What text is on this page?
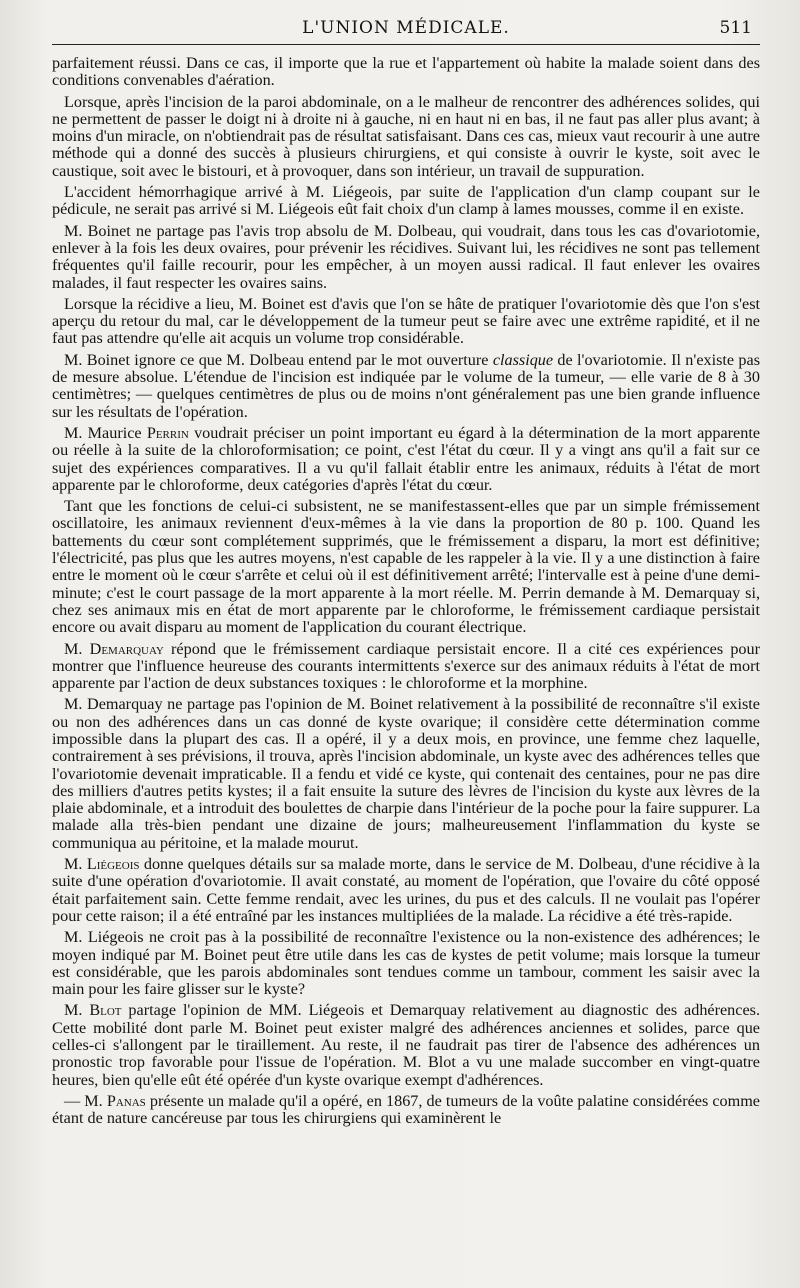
L'UNION MÉDICALE.	511

parfaitement réussi. Dans ce cas, il importe que la rue et l'appartement où habite la malade soient dans des conditions convenables d'aération.

Lorsque, après l'incision de la paroi abdominale, on a le malheur de rencontrer des adhérences solides, qui ne permettent de passer le doigt ni à droite ni à gauche, ni en haut ni en bas, il ne faut pas aller plus avant; à moins d'un miracle, on n'obtiendrait pas de résultat satisfaisant. Dans ces cas, mieux vaut recourir à une autre méthode qui a donné des succès à plusieurs chirurgiens, et qui consiste à ouvrir le kyste, soit avec le caustique, soit avec le bistouri, et à provoquer, dans son intérieur, un travail de suppuration.

L'accident hémorrhagique arrivé à M. Liégeois, par suite de l'application d'un clamp coupant sur le pédicule, ne serait pas arrivé si M. Liégeois eût fait choix d'un clamp à lames mousses, comme il en existe.

M. Boinet ne partage pas l'avis trop absolu de M. Dolbeau, qui voudrait, dans tous les cas d'ovariotomie, enlever à la fois les deux ovaires, pour prévenir les récidives. Suivant lui, les récidives ne sont pas tellement fréquentes qu'il faille recourir, pour les empêcher, à un moyen aussi radical. Il faut enlever les ovaires malades, il faut respecter les ovaires sains.

Lorsque la récidive a lieu, M. Boinet est d'avis que l'on se hâte de pratiquer l'ovariotomie dès que l'on s'est aperçu du retour du mal, car le développement de la tumeur peut se faire avec une extrême rapidité, et il ne faut pas attendre qu'elle ait acquis un volume trop considérable.

M. Boinet ignore ce que M. Dolbeau entend par le mot ouverture classique de l'ovariotomie. Il n'existe pas de mesure absolue. L'étendue de l'incision est indiquée par le volume de la tumeur, — elle varie de 8 à 30 centimètres; — quelques centimètres de plus ou de moins n'ont généralement pas une bien grande influence sur les résultats de l'opération.

M. Maurice Perrin voudrait préciser un point important eu égard à la détermination de la mort apparente ou réelle à la suite de la chloroformisation; ce point, c'est l'état du cœur. Il y a vingt ans qu'il a fait sur ce sujet des expériences comparatives. Il a vu qu'il fallait établir entre les animaux, réduits à l'état de mort apparente par le chloroforme, deux catégories d'après l'état du cœur.

Tant que les fonctions de celui-ci subsistent, ne se manifestassent-elles que par un simple frémissement oscillatoire, les animaux reviennent d'eux-mêmes à la vie dans la proportion de 80 p. 100. Quand les battements du cœur sont complétement supprimés, que le frémissement a disparu, la mort est définitive; l'électricité, pas plus que les autres moyens, n'est capable de les rappeler à la vie. Il y a une distinction à faire entre le moment où le cœur s'arrête et celui où il est définitivement arrêté; l'intervalle est à peine d'une demi-minute; c'est le court passage de la mort apparente à la mort réelle. M. Perrin demande à M. Demarquay si, chez ses animaux mis en état de mort apparente par le chloroforme, le frémissement cardiaque persistait encore ou avait disparu au moment de l'application du courant électrique.

M. Demarquay répond que le frémissement cardiaque persistait encore. Il a cité ces expériences pour montrer que l'influence heureuse des courants intermittents s'exerce sur des animaux réduits à l'état de mort apparente par l'action de deux substances toxiques : le chloroforme et la morphine.

M. Demarquay ne partage pas l'opinion de M. Boinet relativement à la possibilité de reconnaître s'il existe ou non des adhérences dans un cas donné de kyste ovarique; il considère cette détermination comme impossible dans la plupart des cas. Il a opéré, il y a deux mois, en province, une femme chez laquelle, contrairement à ses prévisions, il trouva, après l'incision abdominale, un kyste avec des adhérences telles que l'ovariotomie devenait impraticable. Il a fendu et vidé ce kyste, qui contenait des centaines, pour ne pas dire des milliers d'autres petits kystes; il a fait ensuite la suture des lèvres de l'incision du kyste aux lèvres de la plaie abdominale, et a introduit des boulettes de charpie dans l'intérieur de la poche pour la faire suppurer. La malade alla très-bien pendant une dizaine de jours; malheureusement l'inflammation du kyste se communiqua au péritoine, et la malade mourut.

M. Liégeois donne quelques détails sur sa malade morte, dans le service de M. Dolbeau, d'une récidive à la suite d'une opération d'ovariotomie. Il avait constaté, au moment de l'opération, que l'ovaire du côté opposé était parfaitement sain. Cette femme rendait, avec les urines, du pus et des calculs. Il ne voulait pas l'opérer pour cette raison; il a été entraîné par les instances multipliées de la malade. La récidive a été très-rapide.

M. Liégeois ne croit pas à la possibilité de reconnaître l'existence ou la non-existence des adhérences; le moyen indiqué par M. Boinet peut être utile dans les cas de kystes de petit volume; mais lorsque la tumeur est considérable, que les parois abdominales sont tendues comme un tambour, comment les saisir avec la main pour les faire glisser sur le kyste?

M. Blot partage l'opinion de MM. Liégeois et Demarquay relativement au diagnostic des adhérences. Cette mobilité dont parle M. Boinet peut exister malgré des adhérences anciennes et solides, parce que celles-ci s'allongent par le tiraillement. Au reste, il ne faudrait pas tirer de l'absence des adhérences un pronostic trop favorable pour l'issue de l'opération. M. Blot a vu une malade succomber en vingt-quatre heures, bien qu'elle eût été opérée d'un kyste ovarique exempt d'adhérences.

— M. Panas présente un malade qu'il a opéré, en 1867, de tumeurs de la voûte palatine considérées comme étant de nature cancéreuse par tous les chirurgiens qui examinèrent le
